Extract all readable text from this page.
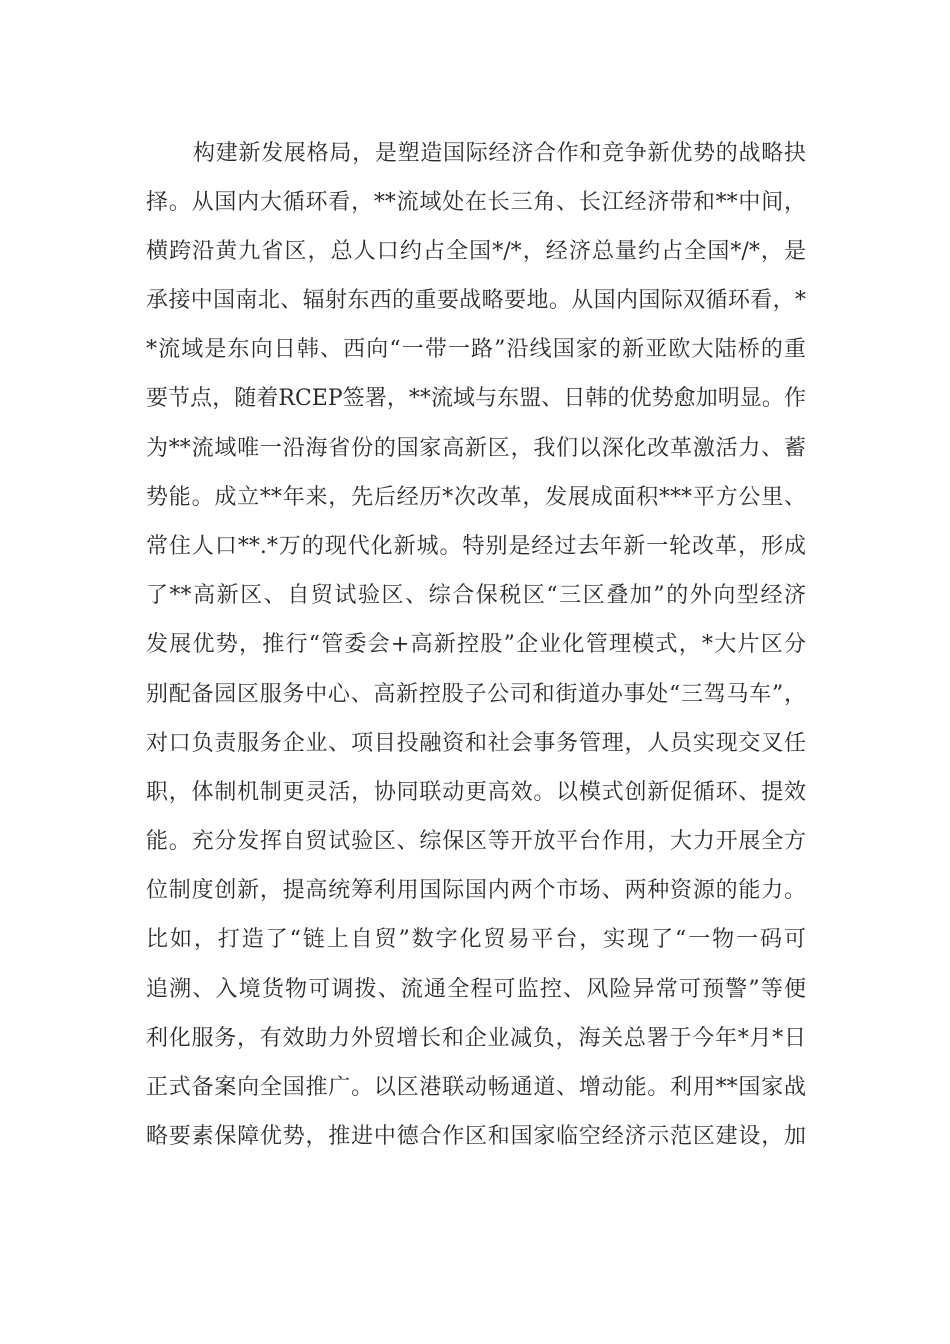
构建新发展格局，是塑造国际经济合作和竞争新优势的战略抉
择。从国内大循环看，**流域处在长三角、长江经济带和**中间，
横跨沿黄九省区，总人口约占全国*/*，经济总量约占全国*/*，是
承接中国南北、辐射东西的重要战略要地。从国内国际双循环看，*
*流域是东向日韩、西向“一带一路”沿线国家的新亚欧大陆桥的重
要节点，随着RCEP签署，**流域与东盟、日韩的优势愈加明显。作
为**流域唯一沿海省份的国家高新区，我们以深化改革激活力、蓄
势能。成立**年来，先后经历*次改革，发展成面积***平方公里、
常住人口**.*万的现代化新城。特别是经过去年新一轮改革，形成
了**高新区、自贸试验区、综合保税区“三区叠加”的外向型经济
发展优势，推行“管委会+高新控股”企业化管理模式，*大片区分
别配备园区服务中心、高新控股子公司和街道办事处“三驾马车”，
对口负责服务企业、项目投融资和社会事务管理，人员实现交叉任
职，体制机制更灵活，协同联动更高效。以模式创新促循环、提效
能。充分发挥自贸试验区、综保区等开放平台作用，大力开展全方
位制度创新，提高统筹利用国际国内两个市场、两种资源的能力。
比如，打造了“链上自贸”数字化贸易平台，实现了“一物一码可
追溯、入境货物可调拨、流通全程可监控、风险异常可预警”等便
利化服务，有效助力外贸增长和企业减负，海关总署于今年*月*日
正式备案向全国推广。以区港联动畅通道、增动能。利用**国家战
略要素保障优势，推进中德合作区和国家临空经济示范区建设，加
